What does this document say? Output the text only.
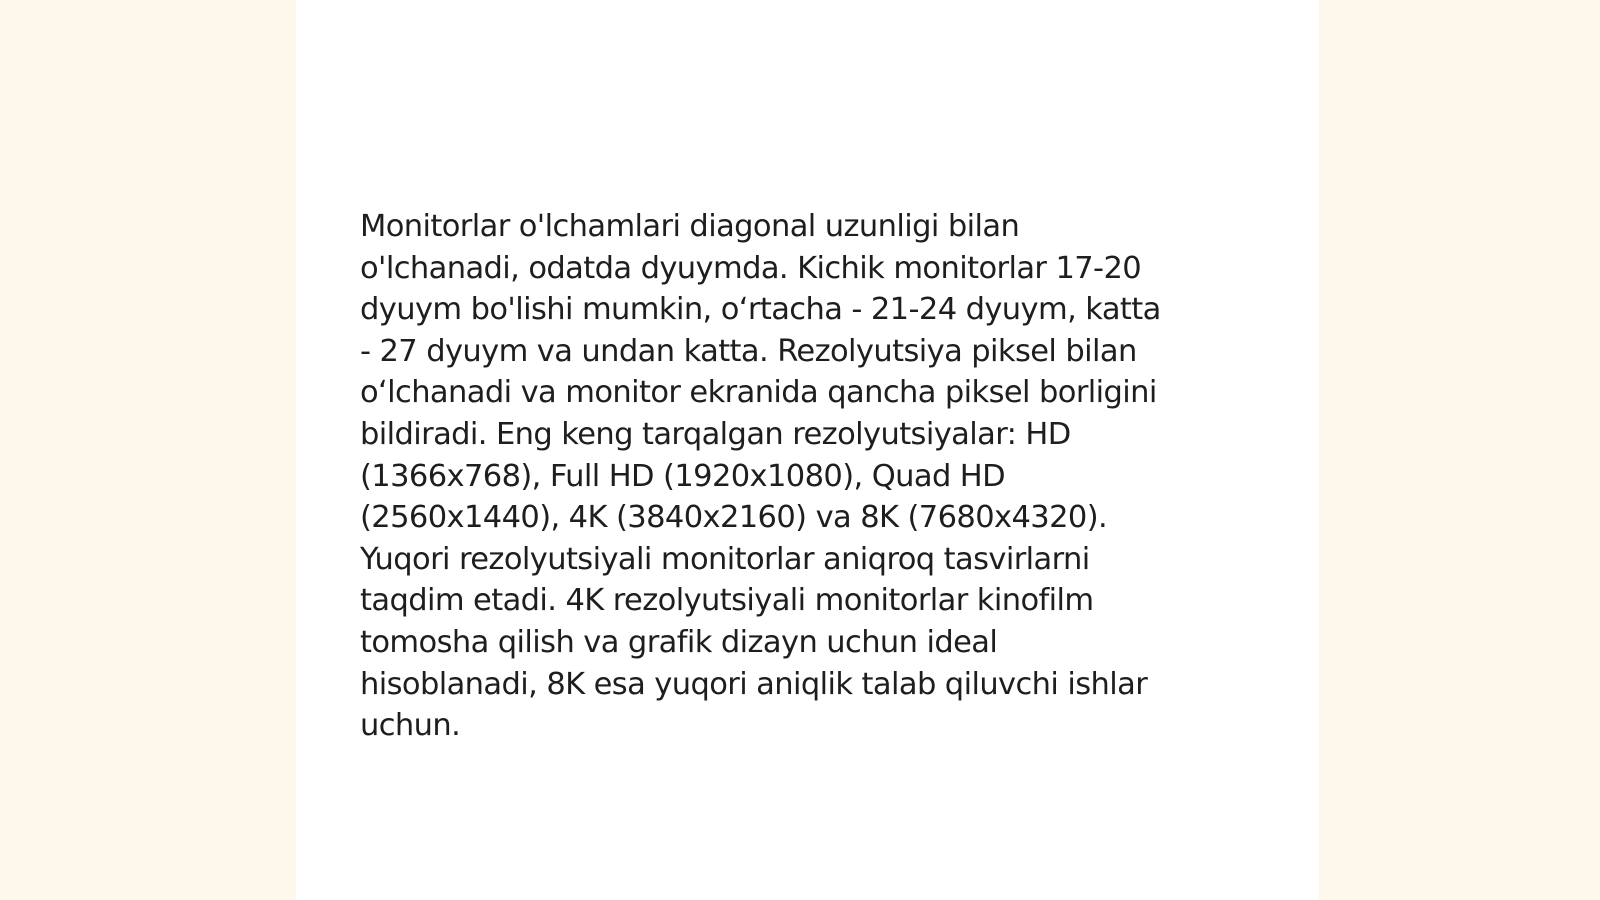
Monitorlar o'lchamlari diagonal uzunligi bilan
o'lchanadi, odatda dyuymda. Kichik monitorlar 17-20
dyuym bo'lishi mumkin, o‘rtacha - 21-24 dyuym, katta
- 27 dyuym va undan katta. Rezolyutsiya piksel bilan
o‘lchanadi va monitor ekranida qancha piksel borligini
bildiradi. Eng keng tarqalgan rezolyutsiyalar: HD
(1366x768), Full HD (1920x1080), Quad HD
(2560x1440), 4K (3840x2160) va 8K (7680x4320).
Yuqori rezolyutsiyali monitorlar aniqroq tasvirlarni
taqdim etadi. 4K rezolyutsiyali monitorlar kinofilm
tomosha qilish va grafik dizayn uchun ideal
hisoblanadi, 8K esa yuqori aniqlik talab qiluvchi ishlar
uchun.
